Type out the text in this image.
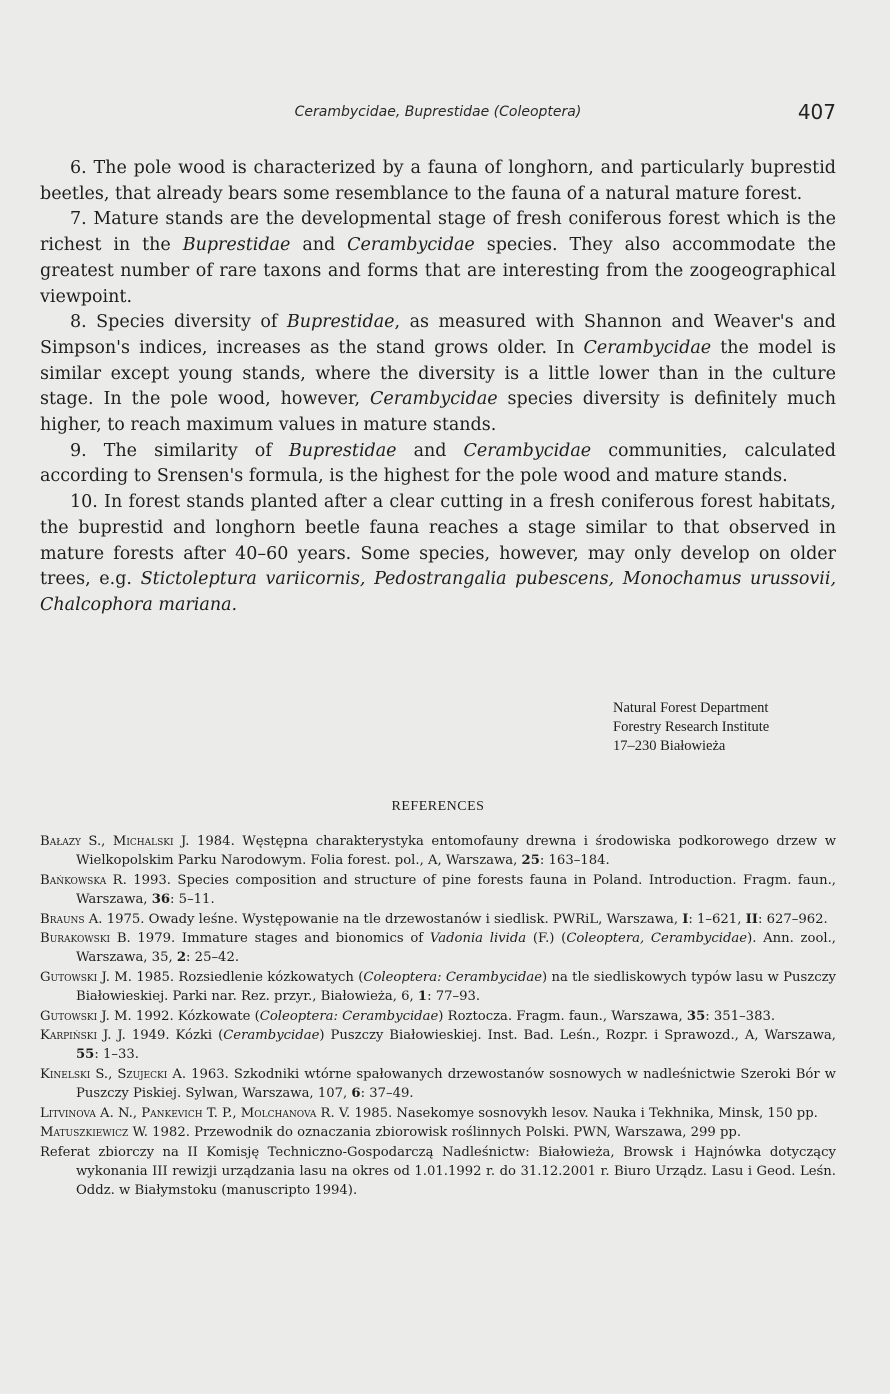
Cerambycidae, Buprestidae (Coleoptera)	407

6. The pole wood is characterized by a fauna of longhorn, and particularly buprestid beetles, that already bears some resemblance to the fauna of a natural mature forest.

7. Mature stands are the developmental stage of fresh coniferous forest which is the richest in the Buprestidae and Cerambycidae species. They also accommodate the greatest number of rare taxons and forms that are interesting from the zoogeographical viewpoint.

8. Species diversity of Buprestidae, as measured with Shannon and Weaver's and Simpson's indices, increases as the stand grows older. In Cerambycidae the model is similar except young stands, where the diversity is a little lower than in the culture stage. In the pole wood, however, Cerambycidae species diversity is definitely much higher, to reach maximum values in mature stands.

9. The similarity of Buprestidae and Cerambycidae communities, calculated according to Srensen's formula, is the highest for the pole wood and mature stands.

10. In forest stands planted after a clear cutting in a fresh coniferous forest habitats, the buprestid and longhorn beetle fauna reaches a stage similar to that observed in mature forests after 40–60 years. Some species, however, may only develop on older trees, e.g. Stictoleptura variicornis, Pedostrangalia pubescens, Monochamus urussovii, Chalcophora mariana.

Natural Forest Department
Forestry Research Institute
17–230 Białowieża
REFERENCES
Bałazy S., Michalski J. 1984. Węstępna charakterystyka entomofauny drewna i środowiska podkorowego drzew w Wielkopolskim Parku Narodowym. Folia forest. pol., A, Warszawa, 25: 163–184.
Bańkowska R. 1993. Species composition and structure of pine forests fauna in Poland. Introduction. Fragm. faun., Warszawa, 36: 5–11.
Brauns A. 1975. Owady leśne. Występowanie na tle drzewostanów i siedlisk. PWRiL, Warszawa, I: 1–621, II: 627–962.
Burakowski B. 1979. Immature stages and bionomics of Vadonia livida (F.) (Coleoptera, Cerambycidae). Ann. zool., Warszawa, 35, 2: 25–42.
Gutowski J. M. 1985. Rozsiedlenie kózkowatych (Coleoptera: Cerambycidae) na tle siedliskowych typów lasu w Puszczy Białowieskiej. Parki nar. Rez. przyr., Białowieża, 6, 1: 77–93.
Gutowski J. M. 1992. Kózkowate (Coleoptera: Cerambycidae) Roztocza. Fragm. faun., Warszawa, 35: 351–383.
Karpiński J. J. 1949. Kózki (Cerambycidae) Puszczy Białowieskiej. Inst. Bad. Leśn., Rozpr. i Sprawozd., A, Warszawa, 55: 1–33.
Kinelski S., Szujecki A. 1963. Szkodniki wtórne spałowanych drzewostanów sosnowych w nadleśnictwie Szeroki Bór w Puszczy Piskiej. Sylwan, Warszawa, 107, 6: 37–49.
Litvinova A. N., Pankevich T. P., Molchanova R. V. 1985. Nasekomye sosnovykh lesov. Nauka i Tekhnika, Minsk, 150 pp.
Matuszkiewicz W. 1982. Przewodnik do oznaczania zbiorowisk roślinnych Polski. PWN, Warszawa, 299 pp.
Referat zbiorczy na II Komisję Techniczno-Gospodarczą Nadleśnictw: Białowieża, Browsk i Hajnówka dotyczący wykonania III rewizji urządzania lasu na okres od 1.01.1992 r. do 31.12.2001 r. Biuro Urządz. Lasu i Geod. Leśn. Oddz. w Białymstoku (manuscripto 1994).
